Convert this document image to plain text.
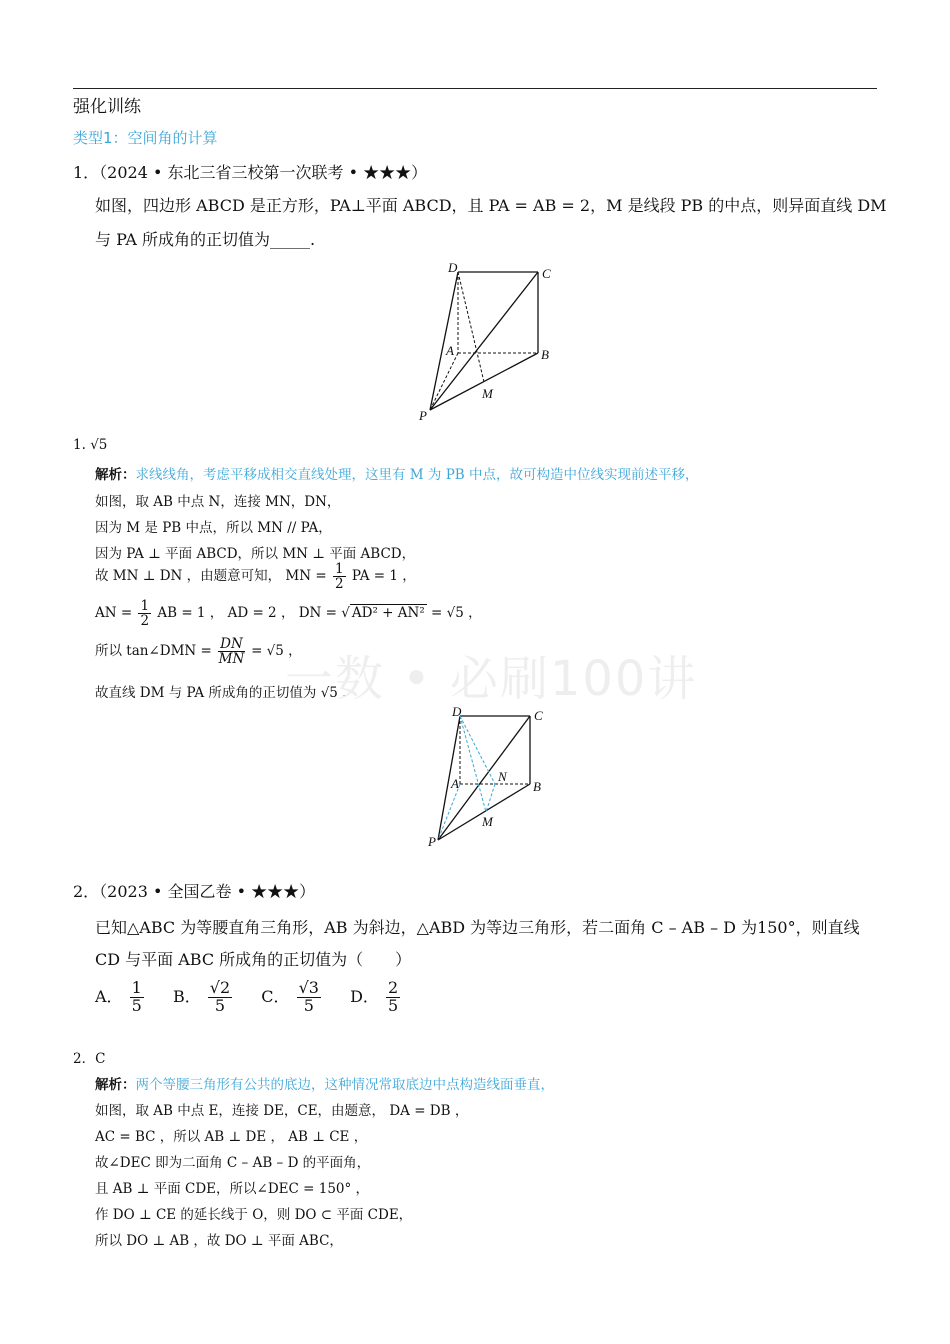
强化训练
类型1：空间角的计算
1．（2024 • 东北三省三校第一次联考 • ★★★）
如图，四边形 ABCD 是正方形，PA⊥平面 ABCD，且 PA = AB = 2，M 是线段 PB 的中点，则异面直线 DM
与 PA 所成角的正切值为_____.
D	C
A	B
P
M
1. √5
解析：求线线角，考虑平移成相交直线处理，这里有 M 为 PB 中点，故可构造中位线实现前述平移，
如图，取 AB 中点 N，连接 MN，DN，
因为 M 是 PB 中点，所以 MN // PA，
因为 PA ⊥ 平面 ABCD，所以 MN ⊥ 平面 ABCD，
故 MN ⊥ DN ，由题意可知， MN = $\frac{1}{2}$ PA = 1 ，
AN = $\frac{1}{2}$ AB = 1 ， AD = 2 ， DN = √ AD² + AN² = √5 ，
所以 tan∠DMN = $\frac{DN}{MN} = √5$ ，
故直线 DM 与 PA 所成角的正切值为 √5 .
一数 • 必刷100讲
D	C
A	B
N
P
M
2．（2023 • 全国乙卷 • ★★★）
已知△ABC 为等腰直角三角形，AB 为斜边，△ABD 为等边三角形，若二面角 C – AB – D 为150°，则直线
CD 与平面 ABC 所成角的正切值为（　　）
A． $\frac{1}{5}$ B． $\frac{√2}{5}$ C． $\frac{√3}{5}$ D． $\frac{2}{5}$
2．C
解析：两个等腰三角形有公共的底边，这种情况常取底边中点构造线面垂直，
如图，取 AB 中点 E，连接 DE，CE，由题意， DA = DB ，
AC = BC ，所以 AB ⊥ DE ， AB ⊥ CE ，
故∠DEC 即为二面角 C – AB – D 的平面角，
且 AB ⊥ 平面 CDE，所以∠DEC = 150° ，
作 DO ⊥ CE 的延长线于 O，则 DO ⊂ 平面 CDE，
所以 DO ⊥ AB ，故 DO ⊥ 平面 ABC，
